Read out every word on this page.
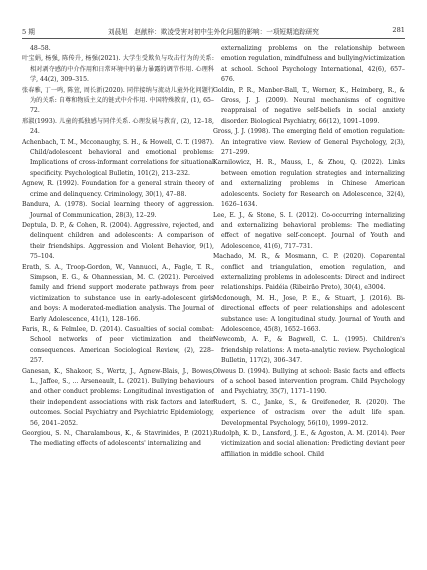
5 期	刘晨旭　赵献梓：欺凌受害对初中生外化问题的影响：一项短期追踪研究	281

48–58.

叶宝娟, 杨强, 陈传升, 杨强(2021). 大学生受欺负与攻击行为的关系: 相对剥夺感的中介作用和日常环境中的暴力暴露的调节作用. 心理科学, 44(2), 309–315.

张春雅, 丁一鸣, 陈萱, 周长新(2020). 同伴接纳与流动儿童外化问题行为的关系: 自尊和物质主义的链式中介作用. 中国特殊教育, (1), 65–72.

邢淑(1993). 儿童的孤独感与同伴关系. 心理发展与教育, (2), 12–18, 24.

Achenbach, T. M., Mcconaughy, S. H., & Howell, C. T. (1987). Child/adolescent behavioral and emotional problems: Implications of cross-informant correlations for situational specificity. Psychological Bulletin, 101(2), 213–232.

Agnew, R. (1992). Foundation for a general strain theory of crime and delinquency. Criminology, 30(1), 47–88.

Bandura, A. (1978). Social learning theory of aggression. Journal of Communication, 28(3), 12–29.

Deptula, D. P., & Cohen, R. (2004). Aggressive, rejected, and delinquent children and adolescents: A comparison of their friendships. Aggression and Violent Behavior, 9(1), 75–104.

Erath, S. A., Troop-Gordon, W., Vannucci, A., Fagle, T. R., Simpson, E. G., & Ohannessian, M. C. (2021). Perceived family and friend support moderate pathways from peer victimization to substance use in early-adolescent girls and boys: A moderated-mediation analysis. The Journal of Early Adolescence, 41(1), 128–166.

Faris, R., & Felmlee, D. (2014). Casualties of social combat: School networks of peer victimization and their consequences. American Sociological Review, (2), 228–257.

Ganesan, K., Shakoor, S., Wertz, J., Agnew-Blais, J., Bowes, L., Jaffee, S., ... Arseneault, L. (2021). Bullying behaviours and other conduct problems: Longitudinal investigation of their independent associations with risk factors and later outcomes. Social Psychiatry and Psychiatric Epidemiology, 56, 2041–2052.

Georgiou, S. N., Charalambous, K., & Stavrinides, P. (2021). The mediating effects of adolescents' internalizing and

externalizing problems on the relationship between emotion regulation, mindfulness and bullying/victimization at school. School Psychology International, 42(6), 657–676.

Goldin, P. R., Manber-Ball, T., Werner, K., Heimberg, R., & Gross, J. J. (2009). Neural mechanisms of cognitive reappraisal of negative self-beliefs in social anxiety disorder. Biological Psychiatry, 66(12), 1091–1099.

Gross, J. J. (1998). The emerging field of emotion regulation: An integrative view. Review of General Psychology, 2(3), 271–299.

Karnilowicz, H. R., Mauss, I., & Zhou, Q. (2022). Links between emotion regulation strategies and internalizing and externalizing problems in Chinese American adolescents. Society for Research on Adolescence, 32(4), 1626–1634.

Lee, E. J., & Stone, S. I. (2012). Co-occurring internalizing and externalizing behavioral problems: The mediating effect of negative self-concept. Journal of Youth and Adolescence, 41(6), 717–731.

Machado, M. R., & Mosmann, C. P. (2020). Coparental conflict and triangulation, emotion regulation, and externalizing problems in adolescents: Direct and indirect relationships. Paidéia (Ribeirão Preto), 30(4), e3004.

Mcdonough, M. H., Jose, P. E., & Stuart, J. (2016). Bi-directional effects of peer relationships and adolescent substance use: A longitudinal study. Journal of Youth and Adolescence, 45(8), 1652–1663.

Newcomb, A. F., & Bagwell, C. L. (1995). Children's friendship relations: A meta-analytic review. Psychological Bulletin, 117(2), 306–347.

Olweus D. (1994). Bullying at school: Basic facts and effects of a school based intervention program. Child Psychology and Psychiatry, 35(7), 1171–1190.

Rudert, S. C., Janke, S., & Greifeneder, R. (2020). The experience of ostracism over the adult life span. Developmental Psychology, 56(10), 1999–2012.

Rudolph, K. D., Lansford, J. E., & Agoston, A. M. (2014). Peer victimization and social alienation: Predicting deviant peer affiliation in middle school. Child
